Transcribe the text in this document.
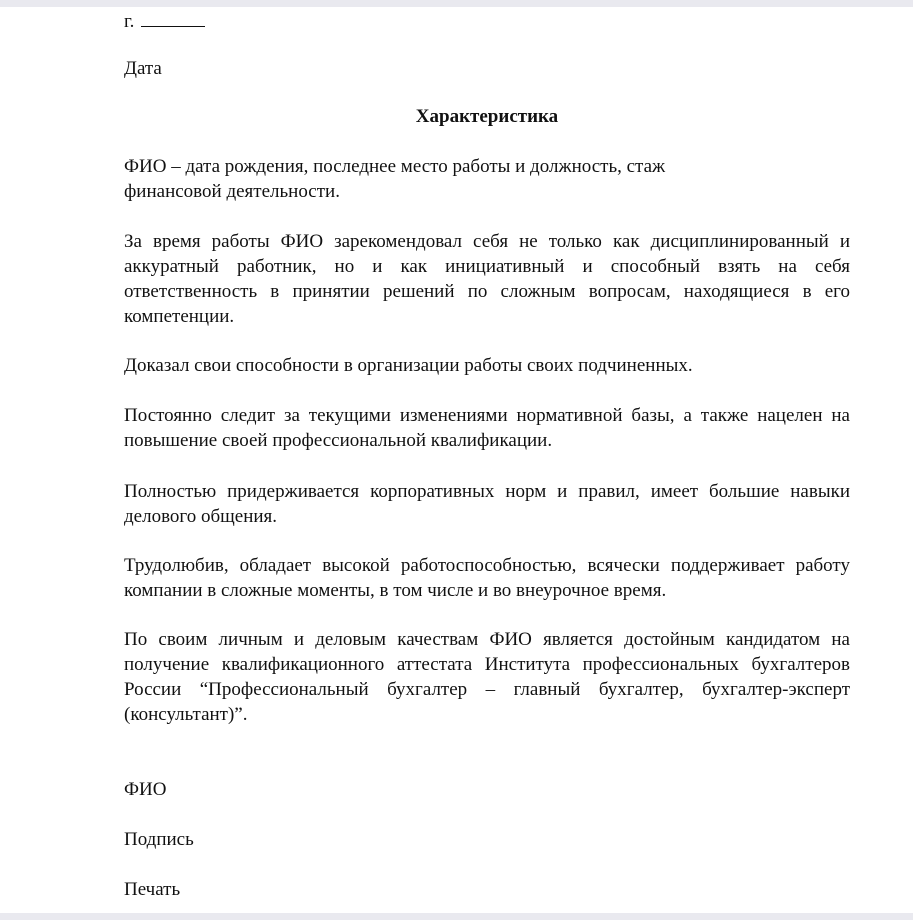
г.
Дата
Характеристика

ФИО – дата рождения, последнее место работы и должность, стаж финансовой деятельности.

За время работы ФИО зарекомендовал себя не только как дисциплинированный и аккуратный работник, но и как инициативный и способный взять на себя ответственность в принятии решений по сложным вопросам, находящиеся в его компетенции.

Доказал свои способности в организации работы своих подчиненных.

Постоянно следит за текущими изменениями нормативной базы, а также нацелен на повышение своей профессиональной квалификации.

Полностью придерживается корпоративных норм и правил, имеет большие навыки делового общения.

Трудолюбив, обладает высокой работоспособностью, всячески поддерживает работу компании в сложные моменты, в том числе и во внеурочное время.

По своим личным и деловым качествам ФИО является достойным кандидатом на получение квалификационного аттестата Института профессиональных бухгалтеров России “Профессиональный бухгалтер – главный бухгалтер, бухгалтер-эксперт (консультант)”.

ФИО
Подпись
Печать
